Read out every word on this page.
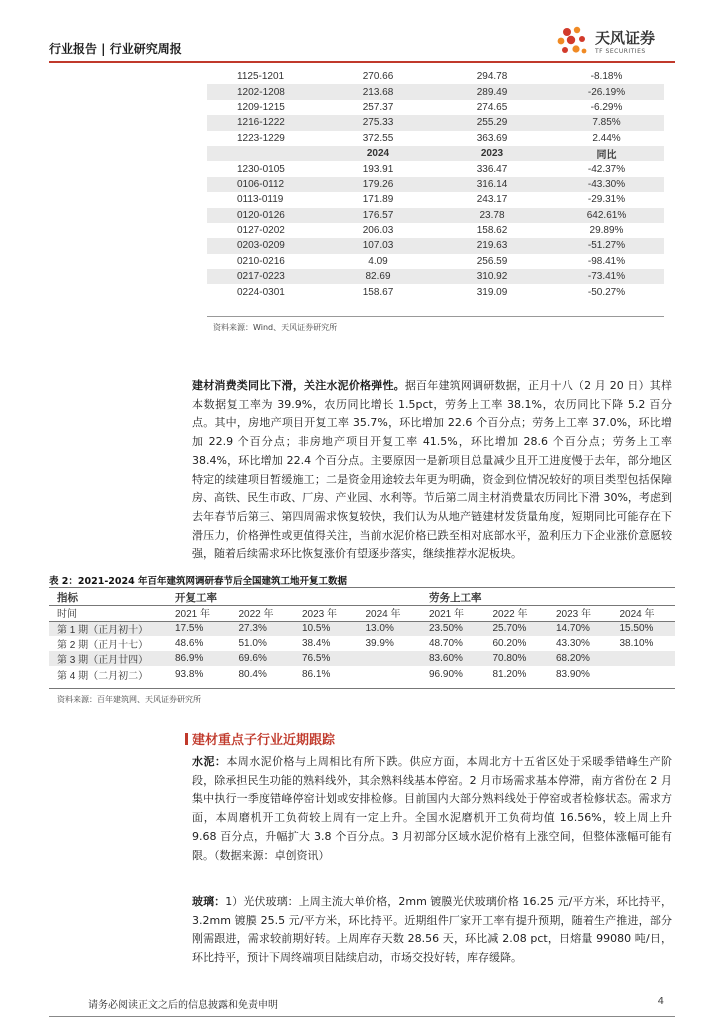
行业报告 | 行业研究周报
天风证券
TF SECURITIES
1125-1201	270.66	294.78	-8.18%
1202-1208	213.68	289.49	-26.19%
1209-1215	257.37	274.65	-6.29%
1216-1222	275.33	255.29	7.85%
1223-1229	372.55	363.69	2.44%
	2024	2023	同比
1230-0105	193.91	336.47	-42.37%
0106-0112	179.26	316.14	-43.30%
0113-0119	171.89	243.17	-29.31%
0120-0126	176.57	23.78	642.61%
0127-0202	206.03	158.62	29.89%
0203-0209	107.03	219.63	-51.27%
0210-0216	4.09	256.59	-98.41%
0217-0223	82.69	310.92	-73.41%
0224-0301	158.67	319.09	-50.27%
资料来源：Wind、天风证券研究所
建材消费类同比下滑，关注水泥价格弹性。据百年建筑网调研数据，正月十八（2 月 20 日）其样本数据复工率为 39.9%，农历同比增长 1.5pct，劳务上工率 38.1%，农历同比下降 5.2 百分点。其中，房地产项目开复工率 35.7%，环比增加 22.6 个百分点；劳务上工率 37.0%，环比增加 22.9 个百分点；非房地产项目开复工率 41.5%，环比增加 28.6 个百分点；劳务上工率 38.4%，环比增加 22.4 个百分点。主要原因一是新项目总量减少且开工进度慢于去年，部分地区特定的续建项目暂缓施工；二是资金用途较去年更为明确，资金到位情况较好的项目类型包括保障房、高铁、民生市政、厂房、产业园、水利等。节后第二周主材消费量农历同比下滑 30%，考虑到去年春节后第三、第四周需求恢复较快，我们认为从地产链建材发货量角度，短期同比可能存在下滑压力，价格弹性或更值得关注，当前水泥价格已跌至相对底部水平，盈利压力下企业涨价意愿较强，随着后续需求环比恢复涨价有望逐步落实，继续推荐水泥板块。
表 2：2021-2024 年百年建筑网调研春节后全国建筑工地开复工数据
指标	开复工率				劳务上工率			
时间	2021 年	2022 年	2023 年	2024 年	2021 年	2022 年	2023 年	2024 年
第 1 期（正月初十）	17.5%	27.3%	10.5%	13.0%	23.50%	25.70%	14.70%	15.50%
第 2 期（正月十七）	48.6%	51.0%	38.4%	39.9%	48.70%	60.20%	43.30%	38.10%
第 3 期（正月廿四）	86.9%	69.6%	76.5%		83.60%	70.80%	68.20%	
第 4 期（二月初二）	93.8%	80.4%	86.1%		96.90%	81.20%	83.90%	
资料来源：百年建筑网、天风证券研究所
建材重点子行业近期跟踪
水泥：本周水泥价格与上周相比有所下跌。供应方面，本周北方十五省区处于采暖季错峰生产阶段，除承担民生功能的熟料线外，其余熟料线基本停窑。2 月市场需求基本停滞，南方省份在 2 月集中执行一季度错峰停窑计划或安排检修。目前国内大部分熟料线处于停窑或者检修状态。需求方面，本周磨机开工负荷较上周有一定上升。全国水泥磨机开工负荷均值 16.56%，较上周上升 9.68 百分点，升幅扩大 3.8 个百分点。3 月初部分区域水泥价格有上涨空间，但整体涨幅可能有限。（数据来源：卓创资讯）
玻璃：1）光伏玻璃：上周主流大单价格，2mm 镀膜光伏玻璃价格 16.25 元/平方米，环比持平，3.2mm 镀膜 25.5 元/平方米，环比持平。近期组件厂家开工率有提升预期，随着生产推进，部分刚需跟进，需求较前期好转。上周库存天数 28.56 天，环比减 2.08 pct，日熔量 99080 吨/日，环比持平，预计下周终端项目陆续启动，市场交投好转，库存缓降。
请务必阅读正文之后的信息披露和免责申明	4
